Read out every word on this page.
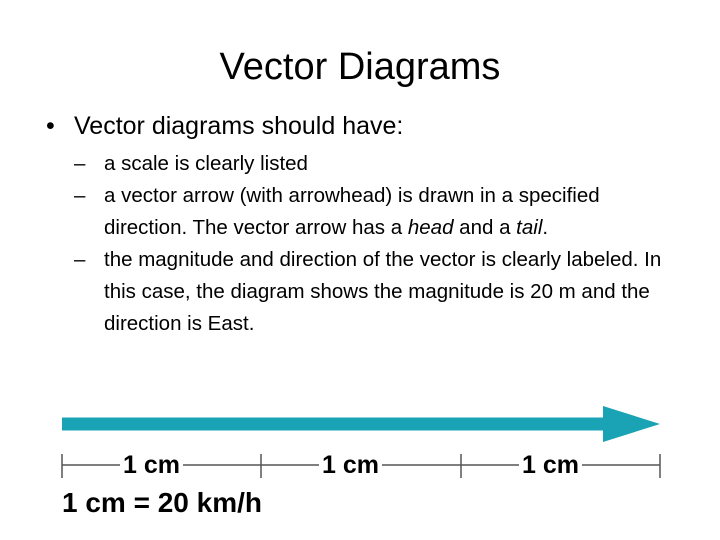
Vector Diagrams
• Vector diagrams should have:

– a scale is clearly listed

– a vector arrow (with arrowhead) is drawn in a specified direction. The vector arrow has a head and a tail.

– the magnitude and direction of the vector is clearly labeled. In this case, the diagram shows the magnitude is 20 m and the direction is East.

1 cm	1 cm	1 cm
1 cm = 20 km/h
